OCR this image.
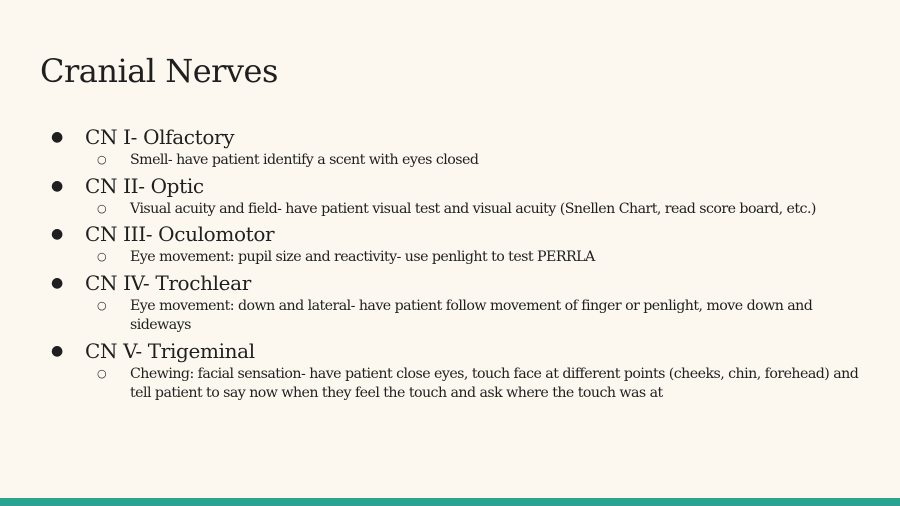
Cranial Nerves
● CN I- Olfactory
○ Smell- have patient identify a scent with eyes closed
● CN II- Optic
○ Visual acuity and field- have patient visual test and visual acuity (Snellen Chart, read score board, etc.)
● CN III- Oculomotor
○ Eye movement: pupil size and reactivity- use penlight to test PERRLA
● CN IV- Trochlear
○ Eye movement: down and lateral- have patient follow movement of finger or penlight, move down and sideways
● CN V- Trigeminal
○ Chewing: facial sensation- have patient close eyes, touch face at different points (cheeks, chin, forehead) and tell patient to say now when they feel the touch and ask where the touch was at
